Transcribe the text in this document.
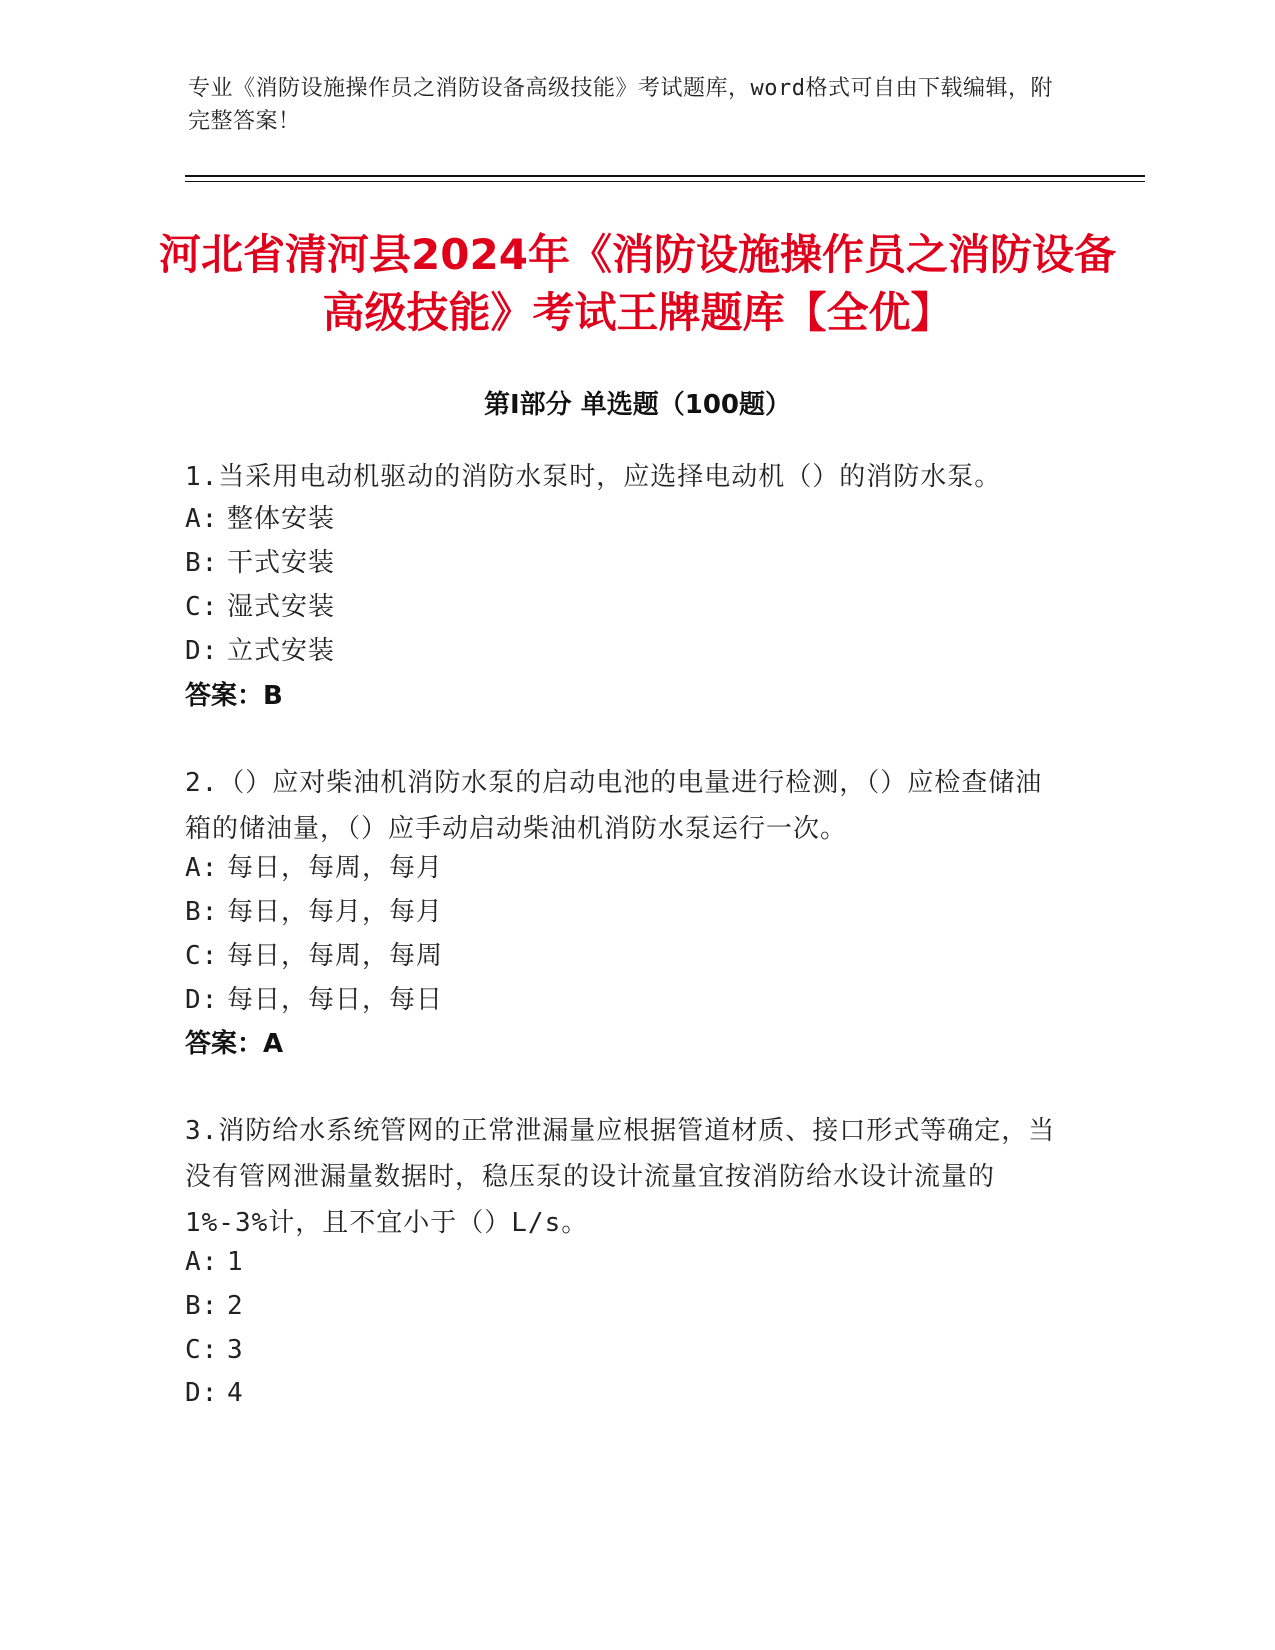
专业《消防设施操作员之消防设备高级技能》考试题库，word格式可自由下载编辑，附完整答案！
河北省清河县2024年《消防设施操作员之消防设备高级技能》考试王牌题库【全优】
第Ⅰ部分 单选题（100题）
1.当采用电动机驱动的消防水泵时，应选择电动机（）的消防水泵。
A: 整体安装
B: 干式安装
C: 湿式安装
D: 立式安装
答案：B
2.（）应对柴油机消防水泵的启动电池的电量进行检测，（）应检查储油箱的储油量，（）应手动启动柴油机消防水泵运行一次。
A: 每日，每周，每月
B: 每日，每月，每月
C: 每日，每周，每周
D: 每日，每日，每日
答案：A
3.消防给水系统管网的正常泄漏量应根据管道材质、接口形式等确定，当没有管网泄漏量数据时，稳压泵的设计流量宜按消防给水设计流量的1%-3%计，且不宜小于（）L/s。
A: 1
B: 2
C: 3
D: 4
